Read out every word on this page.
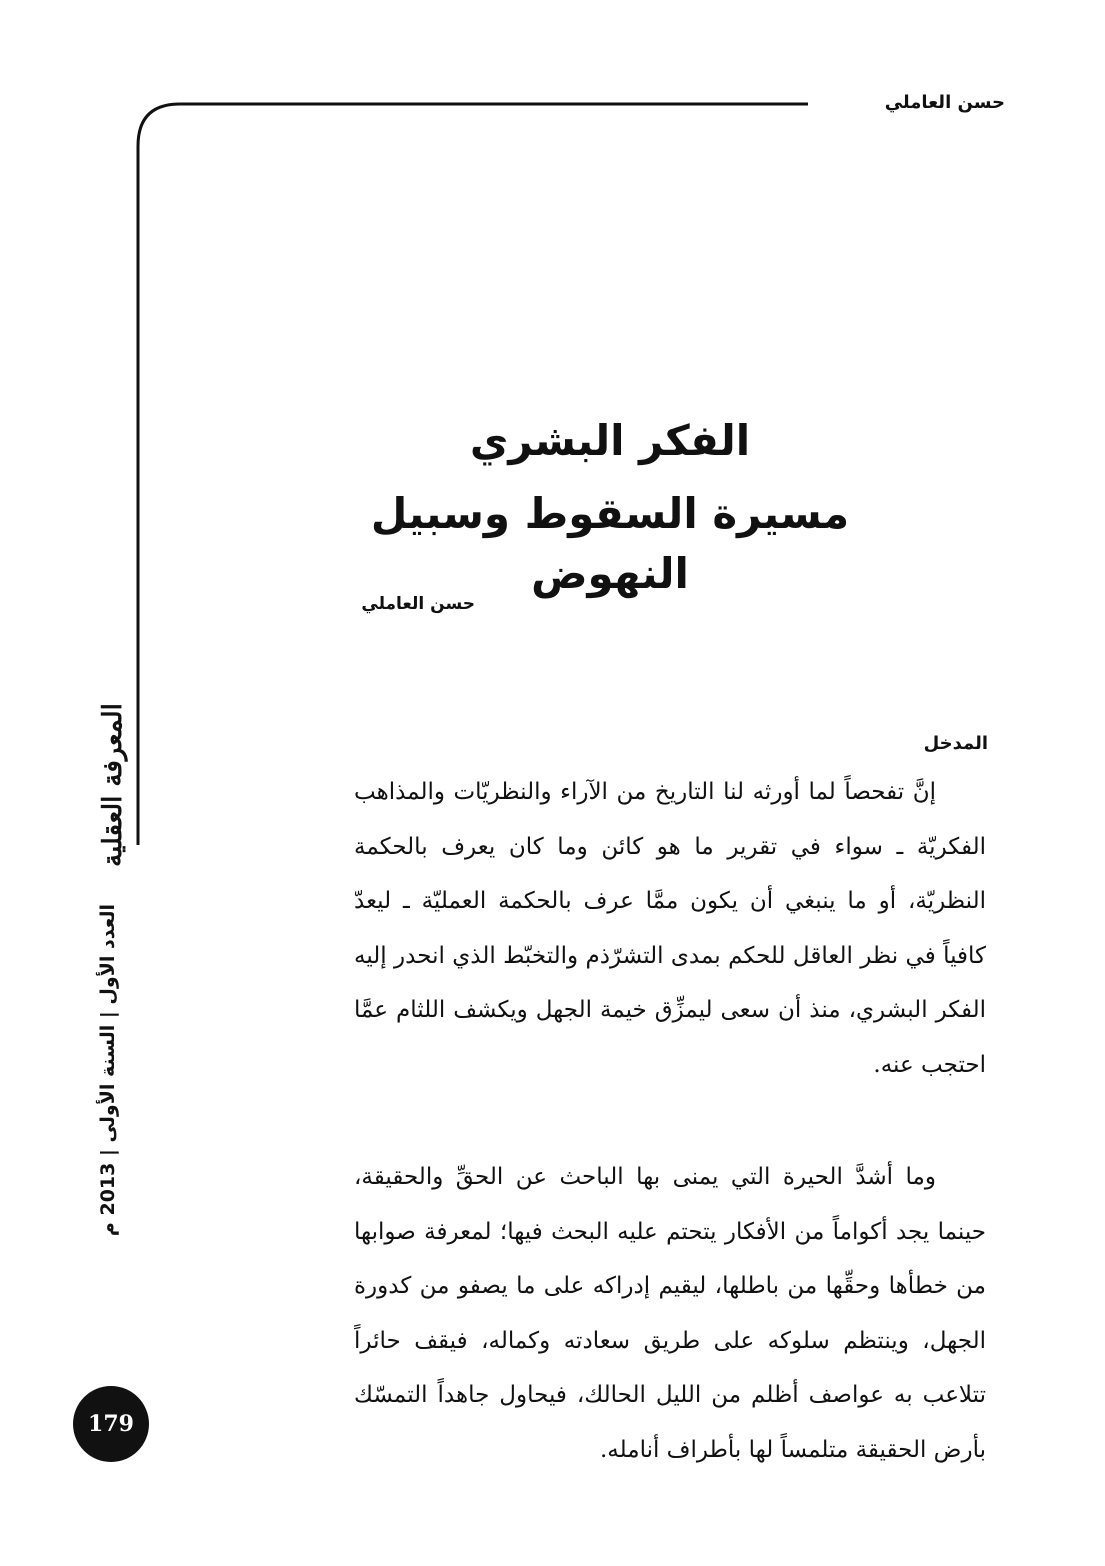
حسن العاملي
الفكر البشري
مسيرة السقوط وسبيل النهوض
حسن العاملي
المدخل

إنَّ تفحصاً لما أورثه لنا التاريخ من الآراء والنظريّات والمذاهب الفكريّة ـ سواء في تقرير ما هو كائن وما كان يعرف بالحكمة النظريّة، أو ما ينبغي أن يكون ممَّا عرف بالحكمة العمليّة ـ ليعدّ كافياً في نظر العاقل للحكم بمدى التشرّذم والتخبّط الذي انحدر إليه الفكر البشري، منذ أن سعى ليمزِّق خيمة الجهل ويكشف اللثام عمَّا احتجب عنه.

وما أشدَّ الحيرة التي يمنى بها الباحث عن الحقِّ والحقيقة، حينما يجد أكواماً من الأفكار يتحتم عليه البحث فيها؛ لمعرفة صوابها من خطأها وحقِّها من باطلها، ليقيم إدراكه على ما يصفو من كدورة الجهل، وينتظم سلوكه على طريق سعادته وكماله، فيقف حائراً تتلاعب به عواصف أظلم من الليل الحالك، فيحاول جاهداً التمسّك بأرض الحقيقة متلمساً لها بأطراف أنامله.

المعرفة العقلية
العدد الأول | السنة الأولى | 2013 م
179
